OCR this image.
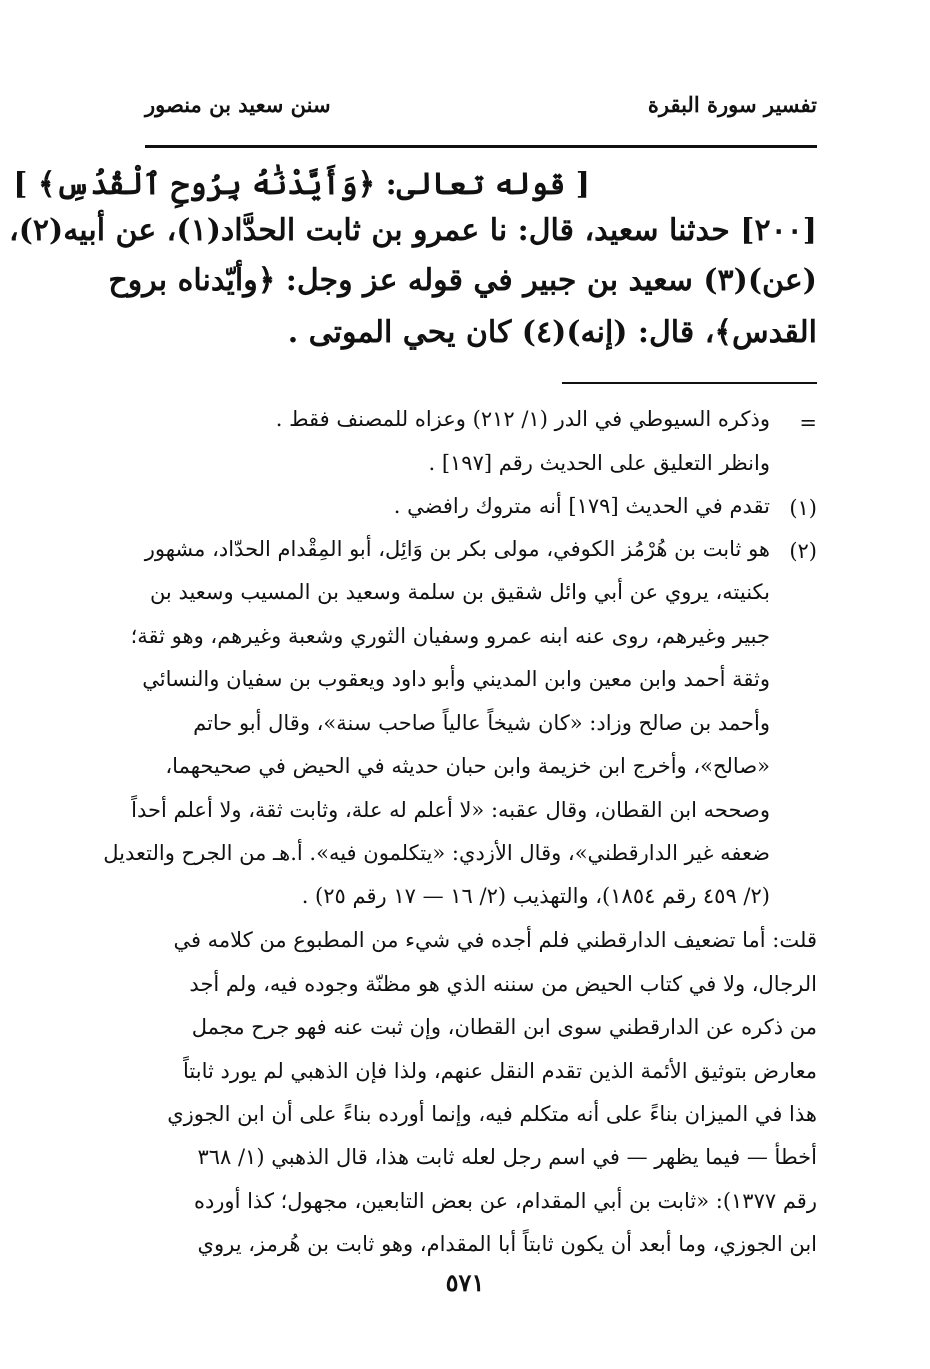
تفسير سورة البقرة
سنن سعيد بن منصور
[ قوله تعالى: ﴿وَأَيَّدْنَٰهُ بِرُوحِ ٱلْقُدُسِ﴾ ]
[٢٠٠] حدثنا سعيد، قال: نا عمرو بن ثابت الحدَّاد(١)، عن أبيه(٢)،
(عن)(٣) سعيد بن جبير في قوله عز وجل: ﴿وأيّدناه بروح
القدس﴾، قال: (إنه)(٤) كان يحي الموتى .
=
وذكره السيوطي في الدر (١/ ٢١٢) وعزاه للمصنف فقط .
وانظر التعليق على الحديث رقم [١٩٧] .
(١)
تقدم في الحديث [١٧٩] أنه متروك رافضي .
(٢)
هو ثابت بن هُرْمُز الكوفي، مولى بكر بن وَائِل، أبو المِقْدام الحدّاد، مشهور
بكنيته، يروي عن أبي وائل شقيق بن سلمة وسعيد بن المسيب وسعيد بن
جبير وغيرهم، روى عنه ابنه عمرو وسفيان الثوري وشعبة وغيرهم، وهو ثقة؛
وثقة أحمد وابن معين وابن المديني وأبو داود ويعقوب بن سفيان والنسائي
وأحمد بن صالح وزاد: «كان شيخاً عالياً صاحب سنة»، وقال أبو حاتم
«صالح»، وأخرج ابن خزيمة وابن حبان حديثه في الحيض في صحيحهما،
وصححه ابن القطان، وقال عقبه: «لا أعلم له علة، وثابت ثقة، ولا أعلم أحداً
ضعفه غير الدارقطني»، وقال الأزدي: «يتكلمون فيه». أ.هـ من الجرح والتعديل
(٢/ ٤٥٩ رقم ١٨٥٤)، والتهذيب (٢/ ١٦ — ١٧ رقم ٢٥) .
قلت: أما تضعيف الدارقطني فلم أجده في شيء من المطبوع من كلامه في
الرجال، ولا في كتاب الحيض من سننه الذي هو مظنّة وجوده فيه، ولم أجد
من ذكره عن الدارقطني سوى ابن القطان، وإن ثبت عنه فهو جرح مجمل
معارض بتوثيق الأئمة الذين تقدم النقل عنهم، ولذا فإن الذهبي لم يورد ثابتاً
هذا في الميزان بناءً على أنه متكلم فيه، وإنما أورده بناءً على أن ابن الجوزي
أخطأ — فيما يظهر — في اسم رجل لعله ثابت هذا، قال الذهبي (١/ ٣٦٨
رقم ١٣٧٧): «ثابت بن أبي المقدام، عن بعض التابعين، مجهول؛ كذا أورده
ابن الجوزي، وما أبعد أن يكون ثابتاً أبا المقدام، وهو ثابت بن هُرمز، يروي
٥٧١
